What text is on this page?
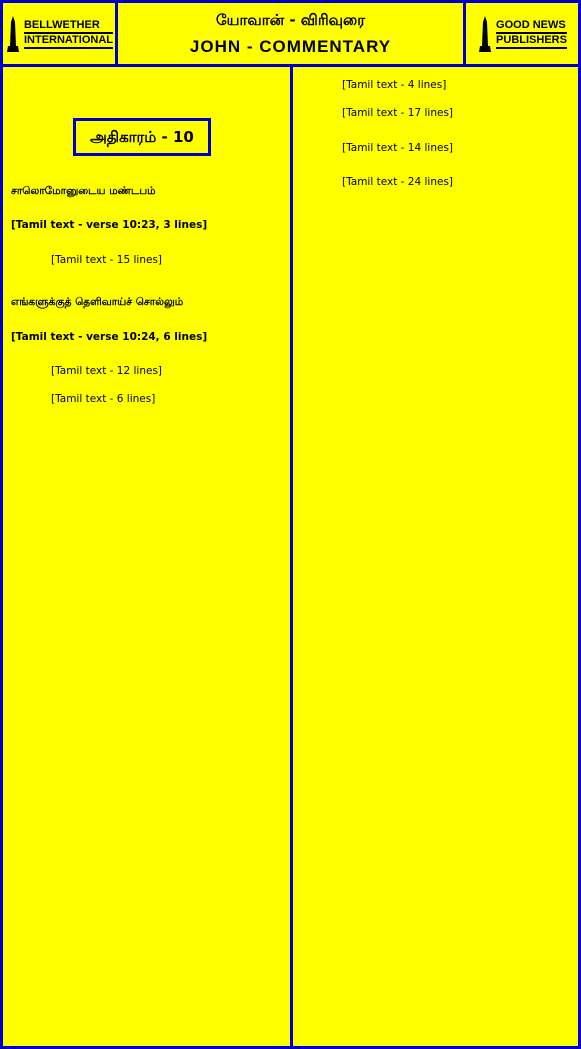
BELLWETHER
INTERNATIONAL
யோவான் - விரிவுரை
JOHN - COMMENTARY
GOOD NEWS
PUBLISHERS
அதிகாரம் - 10
சாலொமோனுடைய மண்டபம்
[Tamil text - verse 10:23, 3 lines]

[Tamil text - 15 lines]

எங்களுக்குத் தெளிவாய்ச் சொல்லும்
[Tamil text - verse 10:24, 6 lines]

[Tamil text - 12 lines]

[Tamil text - 6 lines]

[Tamil text - 4 lines]

[Tamil text - 17 lines]

[Tamil text - 14 lines]

[Tamil text - 24 lines]
